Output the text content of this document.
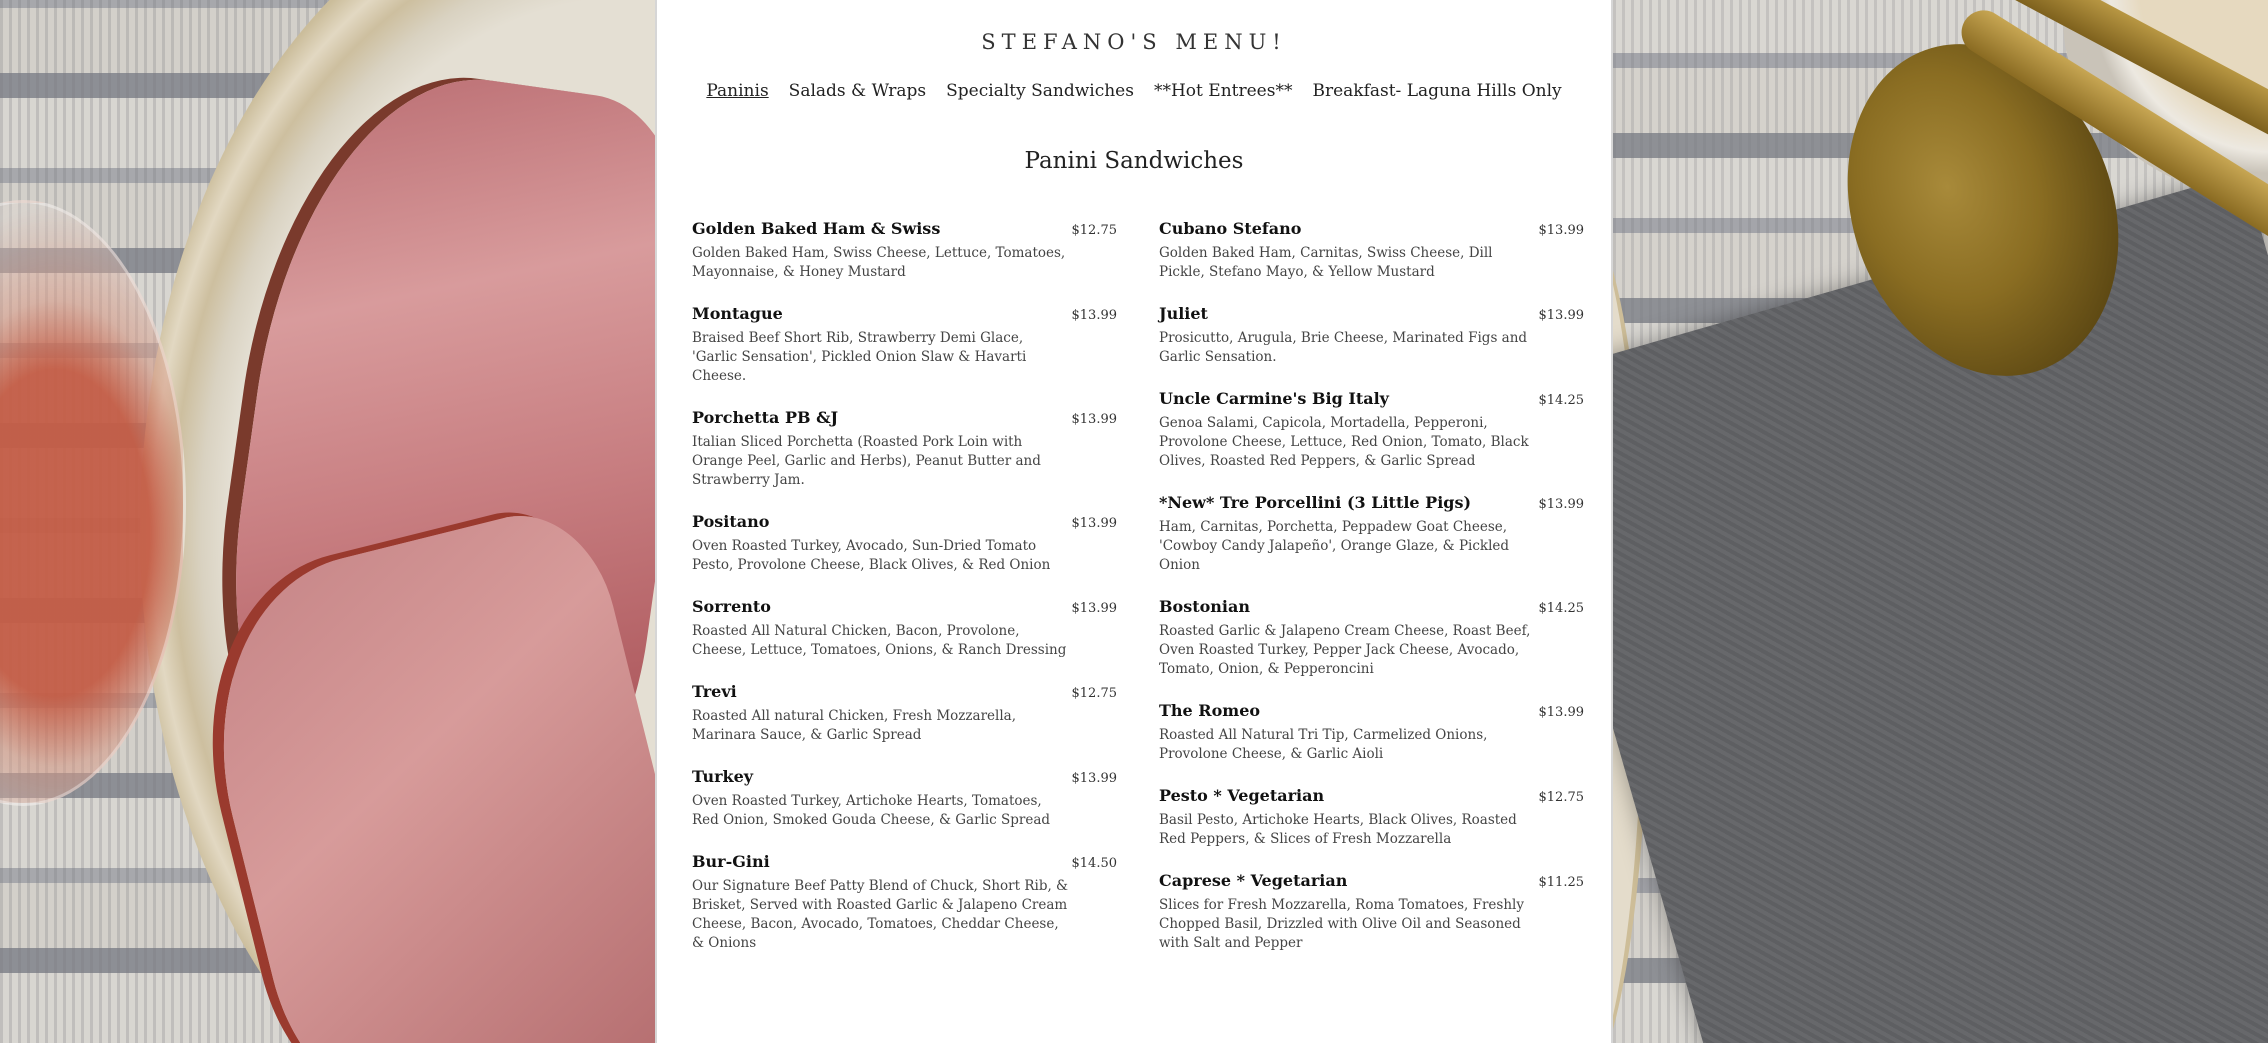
STEFANO'S MENU!
Paninis Salads & Wraps Specialty Sandwiches **Hot Entrees** Breakfast- Laguna Hills Only
Panini Sandwiches
Golden Baked Ham & Swiss	$12.75
Golden Baked Ham, Swiss Cheese, Lettuce, Tomatoes, Mayonnaise, & Honey Mustard
Montague	$13.99
Braised Beef Short Rib, Strawberry Demi Glace, 'Garlic Sensation', Pickled Onion Slaw & Havarti Cheese.
Porchetta PB &J	$13.99
Italian Sliced Porchetta (Roasted Pork Loin with Orange Peel, Garlic and Herbs), Peanut Butter and Strawberry Jam.
Positano	$13.99
Oven Roasted Turkey, Avocado, Sun-Dried Tomato Pesto, Provolone Cheese, Black Olives, & Red Onion
Sorrento	$13.99
Roasted All Natural Chicken, Bacon, Provolone, Cheese, Lettuce, Tomatoes, Onions, & Ranch Dressing
Trevi	$12.75
Roasted All natural Chicken, Fresh Mozzarella, Marinara Sauce, & Garlic Spread
Turkey	$13.99
Oven Roasted Turkey, Artichoke Hearts, Tomatoes, Red Onion, Smoked Gouda Cheese, & Garlic Spread
Bur-Gini	$14.50
Our Signature Beef Patty Blend of Chuck, Short Rib, & Brisket, Served with Roasted Garlic & Jalapeno Cream Cheese, Bacon, Avocado, Tomatoes, Cheddar Cheese, & Onions
Cubano Stefano	$13.99
Golden Baked Ham, Carnitas, Swiss Cheese, Dill Pickle, Stefano Mayo, & Yellow Mustard
Juliet	$13.99
Prosicutto, Arugula, Brie Cheese, Marinated Figs and Garlic Sensation.
Uncle Carmine's Big Italy	$14.25
Genoa Salami, Capicola, Mortadella, Pepperoni, Provolone Cheese, Lettuce, Red Onion, Tomato, Black Olives, Roasted Red Peppers, & Garlic Spread
*New* Tre Porcellini (3 Little Pigs)	$13.99
Ham, Carnitas, Porchetta, Peppadew Goat Cheese, 'Cowboy Candy Jalapeño', Orange Glaze, & Pickled Onion
Bostonian	$14.25
Roasted Garlic & Jalapeno Cream Cheese, Roast Beef, Oven Roasted Turkey, Pepper Jack Cheese, Avocado, Tomato, Onion, & Pepperoncini
The Romeo	$13.99
Roasted All Natural Tri Tip, Carmelized Onions, Provolone Cheese, & Garlic Aioli
Pesto * Vegetarian	$12.75
Basil Pesto, Artichoke Hearts, Black Olives, Roasted Red Peppers, & Slices of Fresh Mozzarella
Caprese * Vegetarian	$11.25
Slices for Fresh Mozzarella, Roma Tomatoes, Freshly Chopped Basil, Drizzled with Olive Oil and Seasoned with Salt and Pepper
